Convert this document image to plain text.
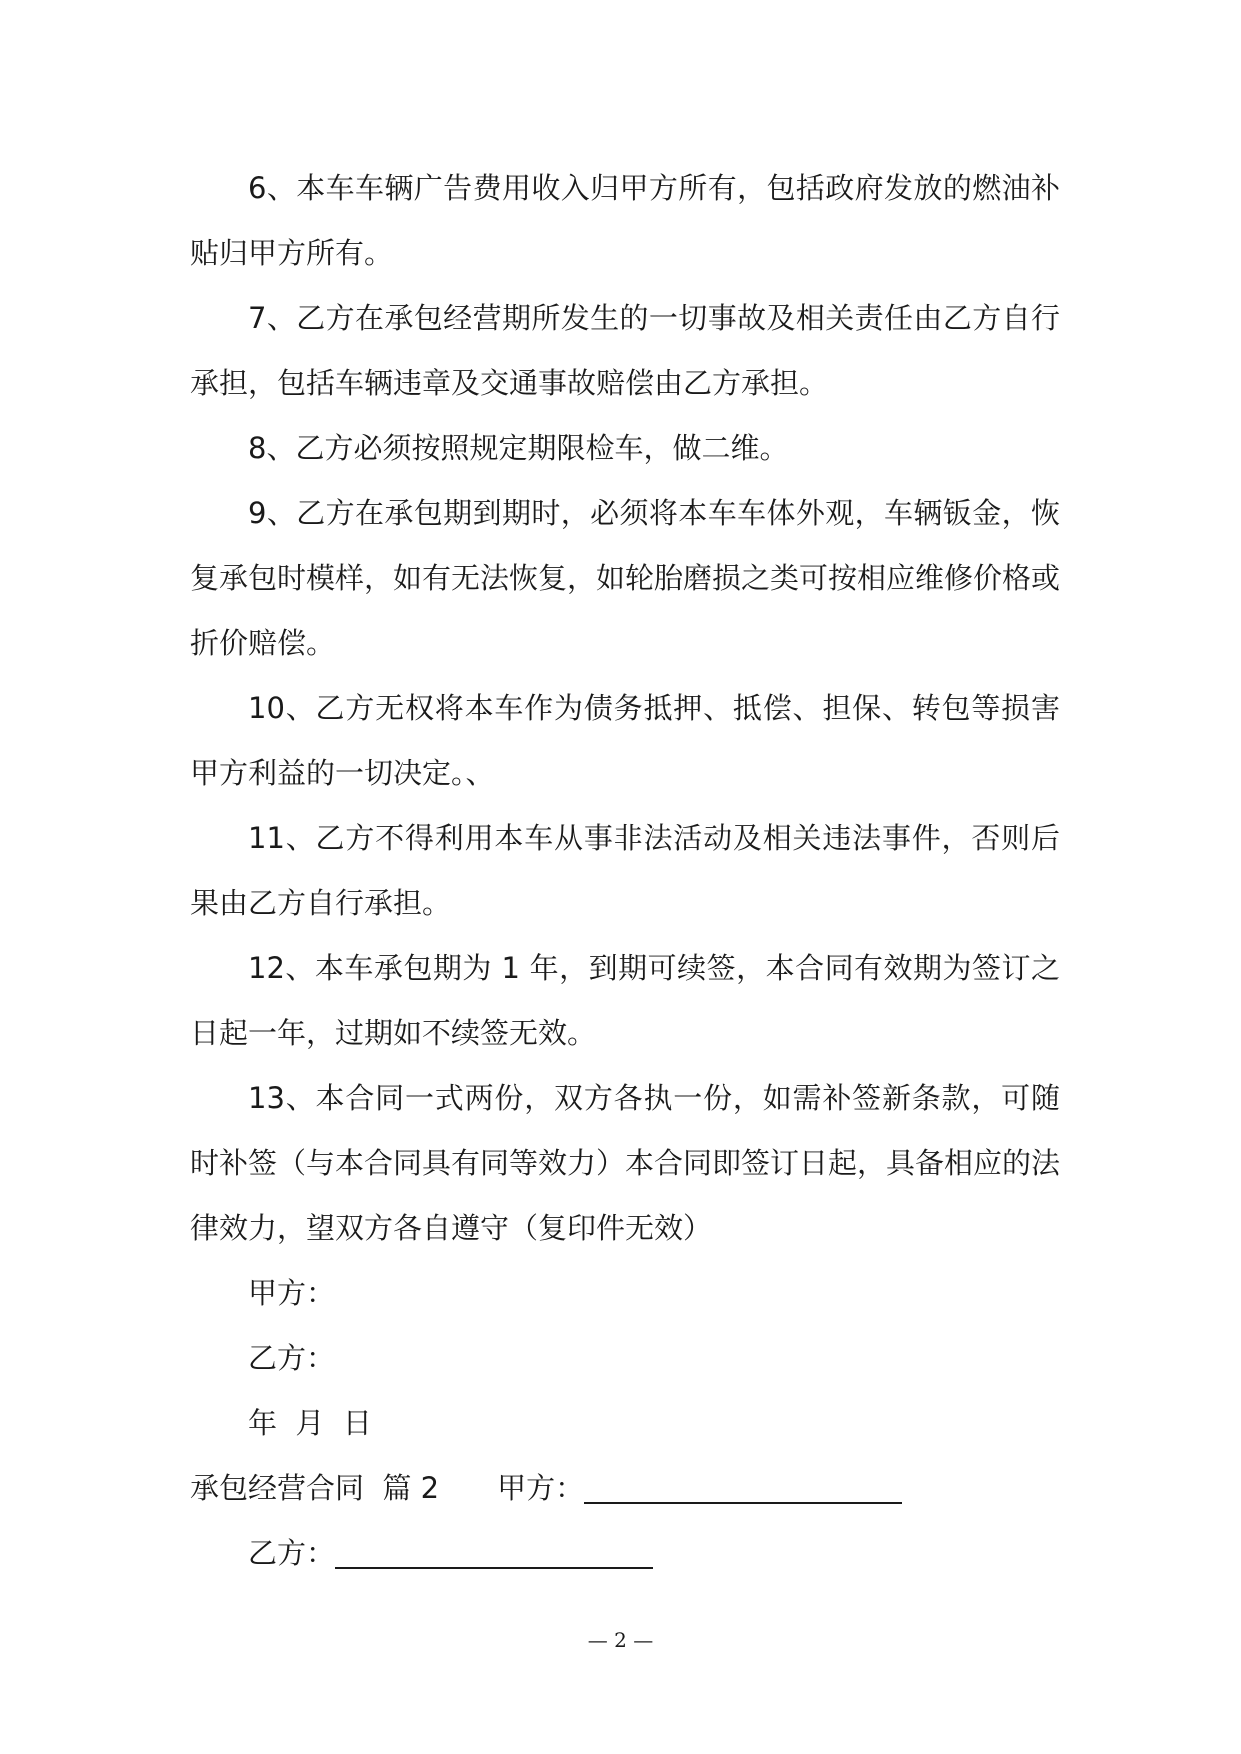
6、本车车辆广告费用收入归甲方所有，包括政府发放的燃油补贴归甲方所有。

7、乙方在承包经营期所发生的一切事故及相关责任由乙方自行承担，包括车辆违章及交通事故赔偿由乙方承担。

8、乙方必须按照规定期限检车，做二维。

9、乙方在承包期到期时，必须将本车车体外观，车辆钣金，恢复承包时模样，如有无法恢复，如轮胎磨损之类可按相应维修价格或折价赔偿。

10、乙方无权将本车作为债务抵押、抵偿、担保、转包等损害甲方利益的一切决定。、

11、乙方不得利用本车从事非法活动及相关违法事件，否则后果由乙方自行承担。

12、本车承包期为 1 年，到期可续签，本合同有效期为签订之日起一年，过期如不续签无效。

13、本合同一式两份，双方各执一份，如需补签新条款，可随时补签（与本合同具有同等效力）本合同即签订日起，具备相应的法律效力，望双方各自遵守（复印件无效）

甲方：

乙方：

年  月  日

承包经营合同  篇 2 甲方：

乙方：

— 2 —
